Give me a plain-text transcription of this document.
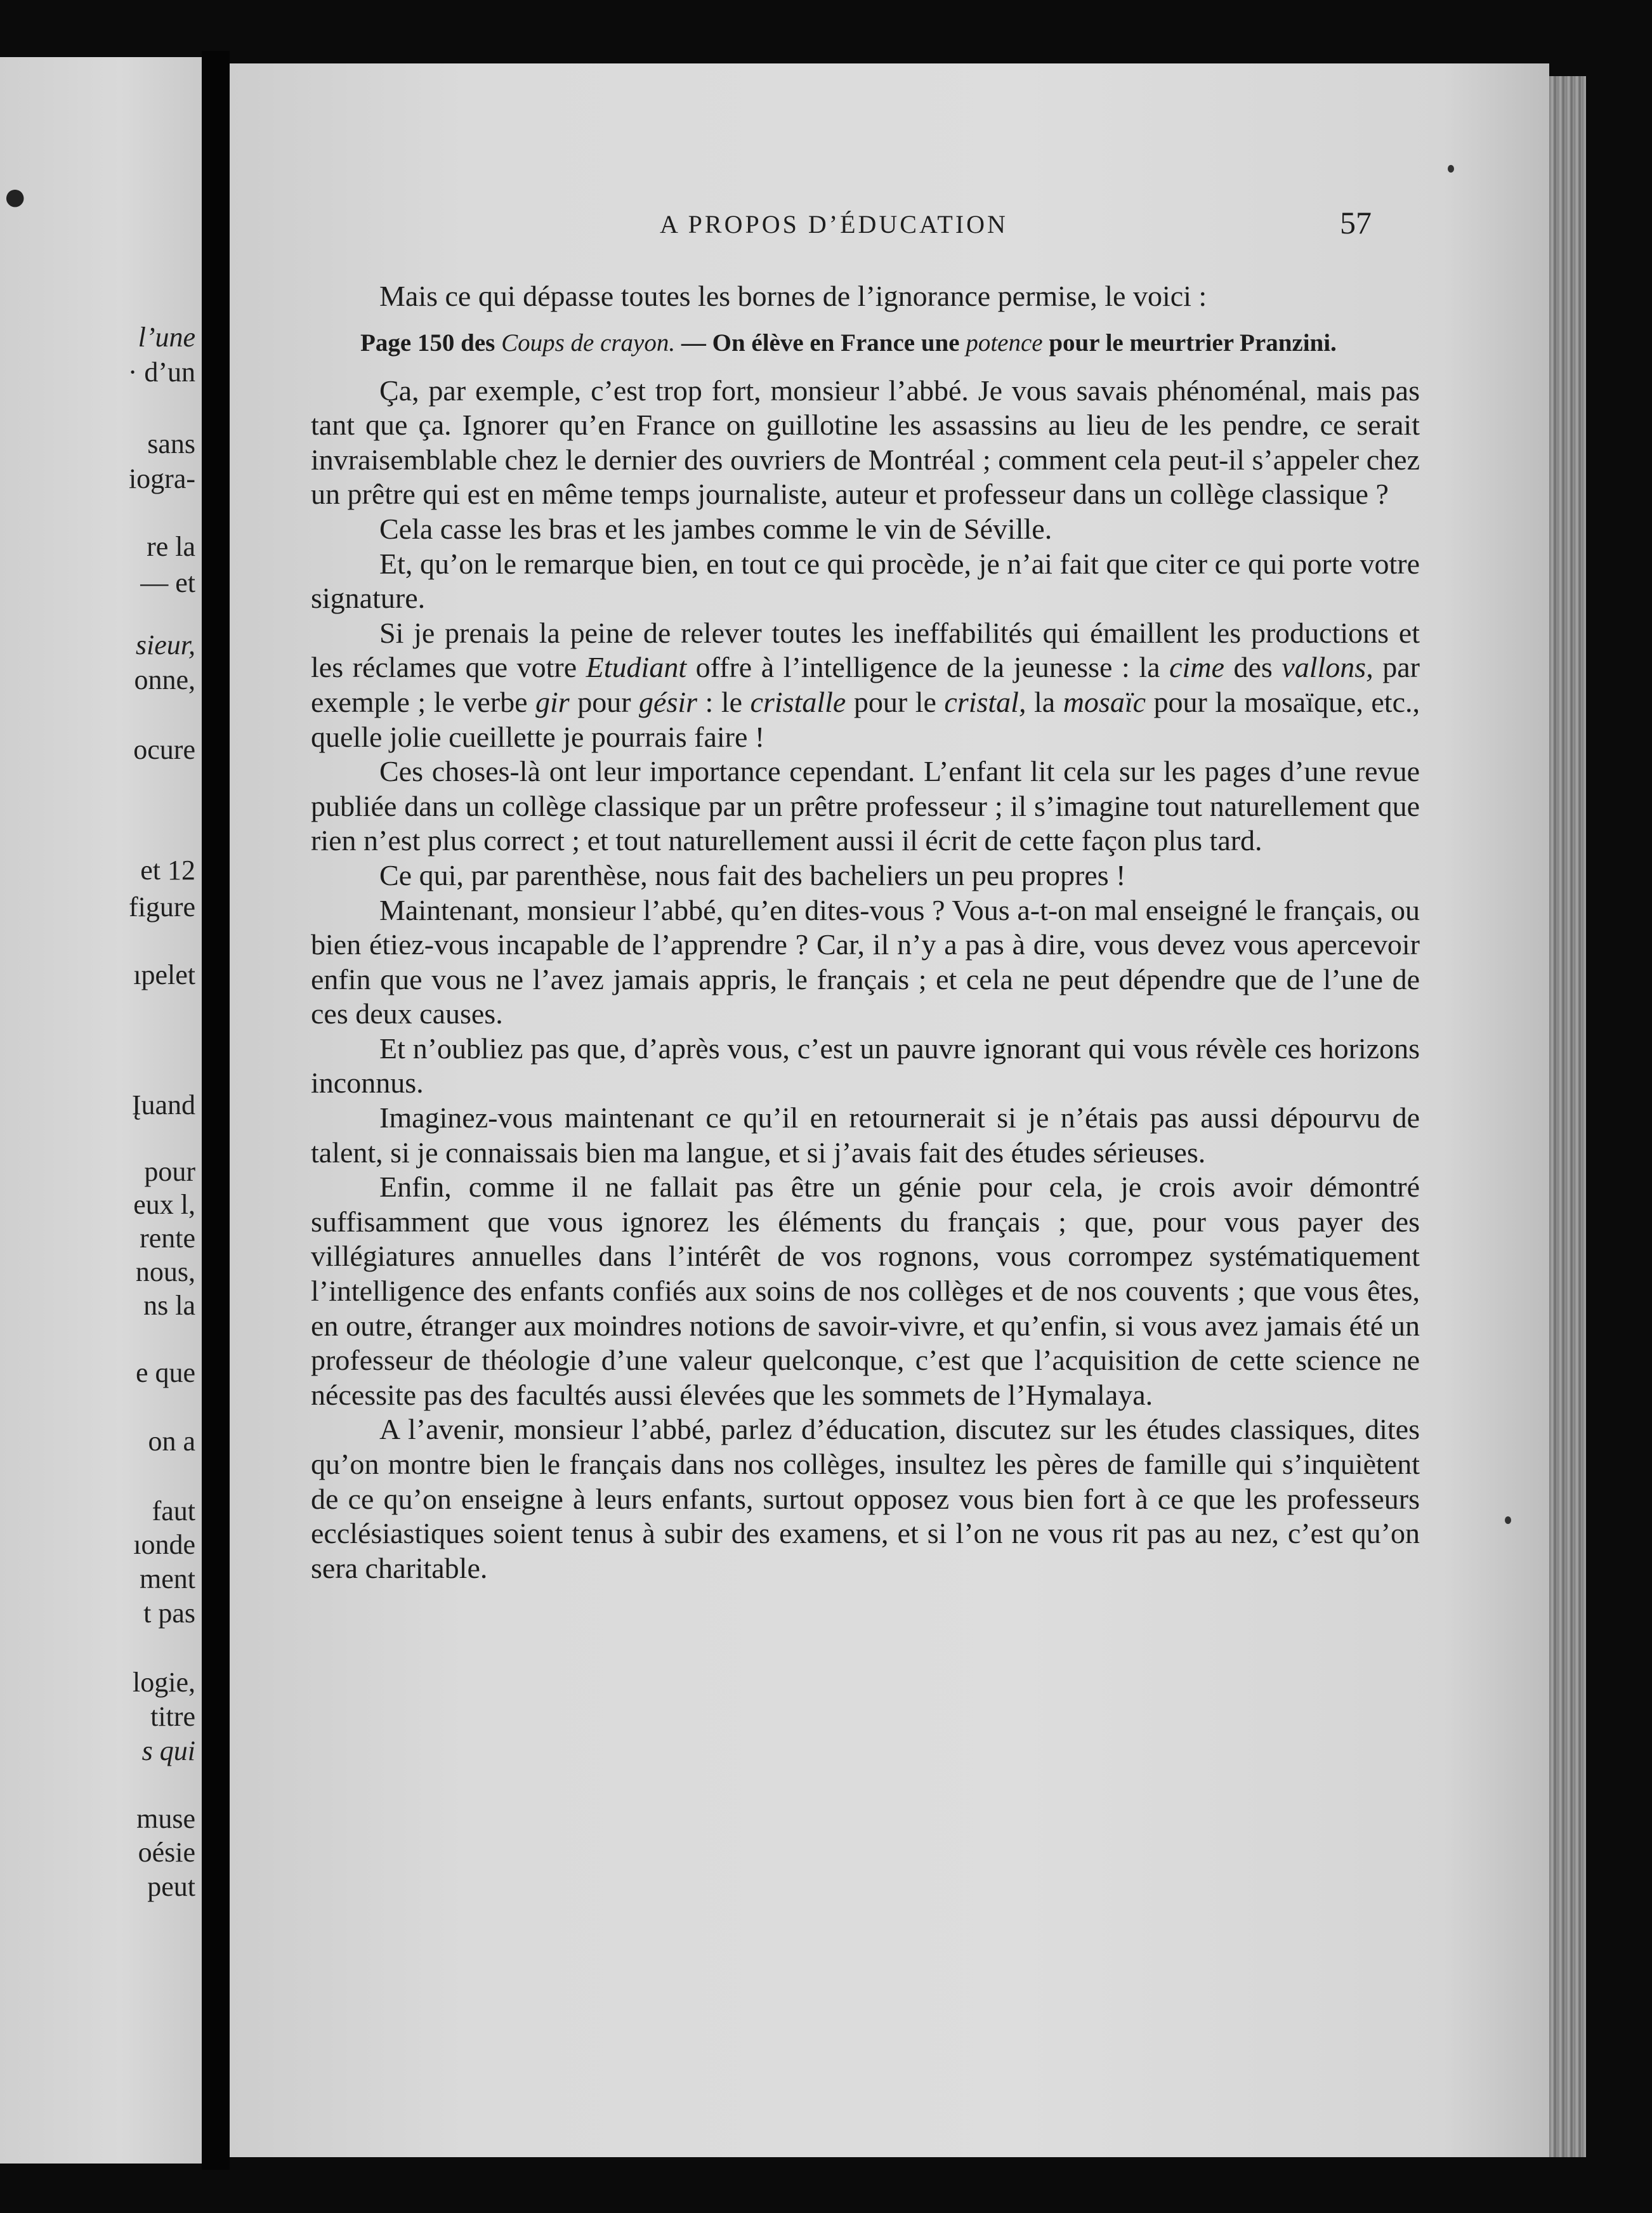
l’une
· d’un
sans
iogra-
re la
— et
sieur,
onne,
ocure
et 12
figure
ıpelet
Įuand
pour
eux l,
rente
nous,
ns la
e que
on a
faut
ıonde
ment
t pas
logie,
titre
s qui
muse
oésie
peut
●
A PROPOS D’ÉDUCATION	57

Mais ce qui dépasse toutes les bornes de l’ignorance permise, le voici :

Page 150 des Coups de crayon. — On élève en France une potence pour le meurtrier Pranzini.

Ça, par exemple, c’est trop fort, monsieur l’abbé. Je vous savais phénoménal, mais pas tant que ça. Ignorer qu’en France on guillotine les assassins au lieu de les pendre, ce serait invraisemblable chez le dernier des ouvriers de Montréal ; comment cela peut-il s’appeler chez un prêtre qui est en même temps journaliste, auteur et professeur dans un collège classique ?

Cela casse les bras et les jambes comme le vin de Séville.

Et, qu’on le remarque bien, en tout ce qui procède, je n’ai fait que citer ce qui porte votre signature.

Si je prenais la peine de relever toutes les ineffabilités qui émaillent les productions et les réclames que votre Etudiant offre à l’intelligence de la jeunesse : la cime des vallons, par exemple ; le verbe gir pour gésir : le cristalle pour le cristal, la mosaïc pour la mosaïque, etc., quelle jolie cueillette je pourrais faire !

Ces choses-là ont leur importance cependant. L’enfant lit cela sur les pages d’une revue publiée dans un collège classique par un prêtre professeur ; il s’imagine tout naturellement que rien n’est plus correct ; et tout naturellement aussi il écrit de cette façon plus tard.

Ce qui, par parenthèse, nous fait des bacheliers un peu propres !

Maintenant, monsieur l’abbé, qu’en dites-vous ? Vous a-t-on mal enseigné le français, ou bien étiez-vous incapable de l’apprendre ? Car, il n’y a pas à dire, vous devez vous apercevoir enfin que vous ne l’avez jamais appris, le français ; et cela ne peut dépendre que de l’une de ces deux causes.

Et n’oubliez pas que, d’après vous, c’est un pauvre ignorant qui vous révèle ces horizons inconnus.

Imaginez-vous maintenant ce qu’il en retournerait si je n’étais pas aussi dépourvu de talent, si je connaissais bien ma langue, et si j’avais fait des études sérieuses.

Enfin, comme il ne fallait pas être un génie pour cela, je crois avoir démontré suffisamment que vous ignorez les éléments du français ; que, pour vous payer des villégiatures annuelles dans l’intérêt de vos rognons, vous corrompez systématiquement l’intelligence des enfants confiés aux soins de nos collèges et de nos couvents ; que vous êtes, en outre, étranger aux moindres notions de savoir-vivre, et qu’enfin, si vous avez jamais été un professeur de théologie d’une valeur quelconque, c’est que l’acquisition de cette science ne nécessite pas des facultés aussi élevées que les sommets de l’Hymalaya.

A l’avenir, monsieur l’abbé, parlez d’éducation, discutez sur les études classiques, dites qu’on montre bien le français dans nos collèges, insultez les pères de famille qui s’inquiètent de ce qu’on enseigne à leurs enfants, surtout opposez vous bien fort à ce que les professeurs ecclésiastiques soient tenus à subir des examens, et si l’on ne vous rit pas au nez, c’est qu’on sera charitable.
